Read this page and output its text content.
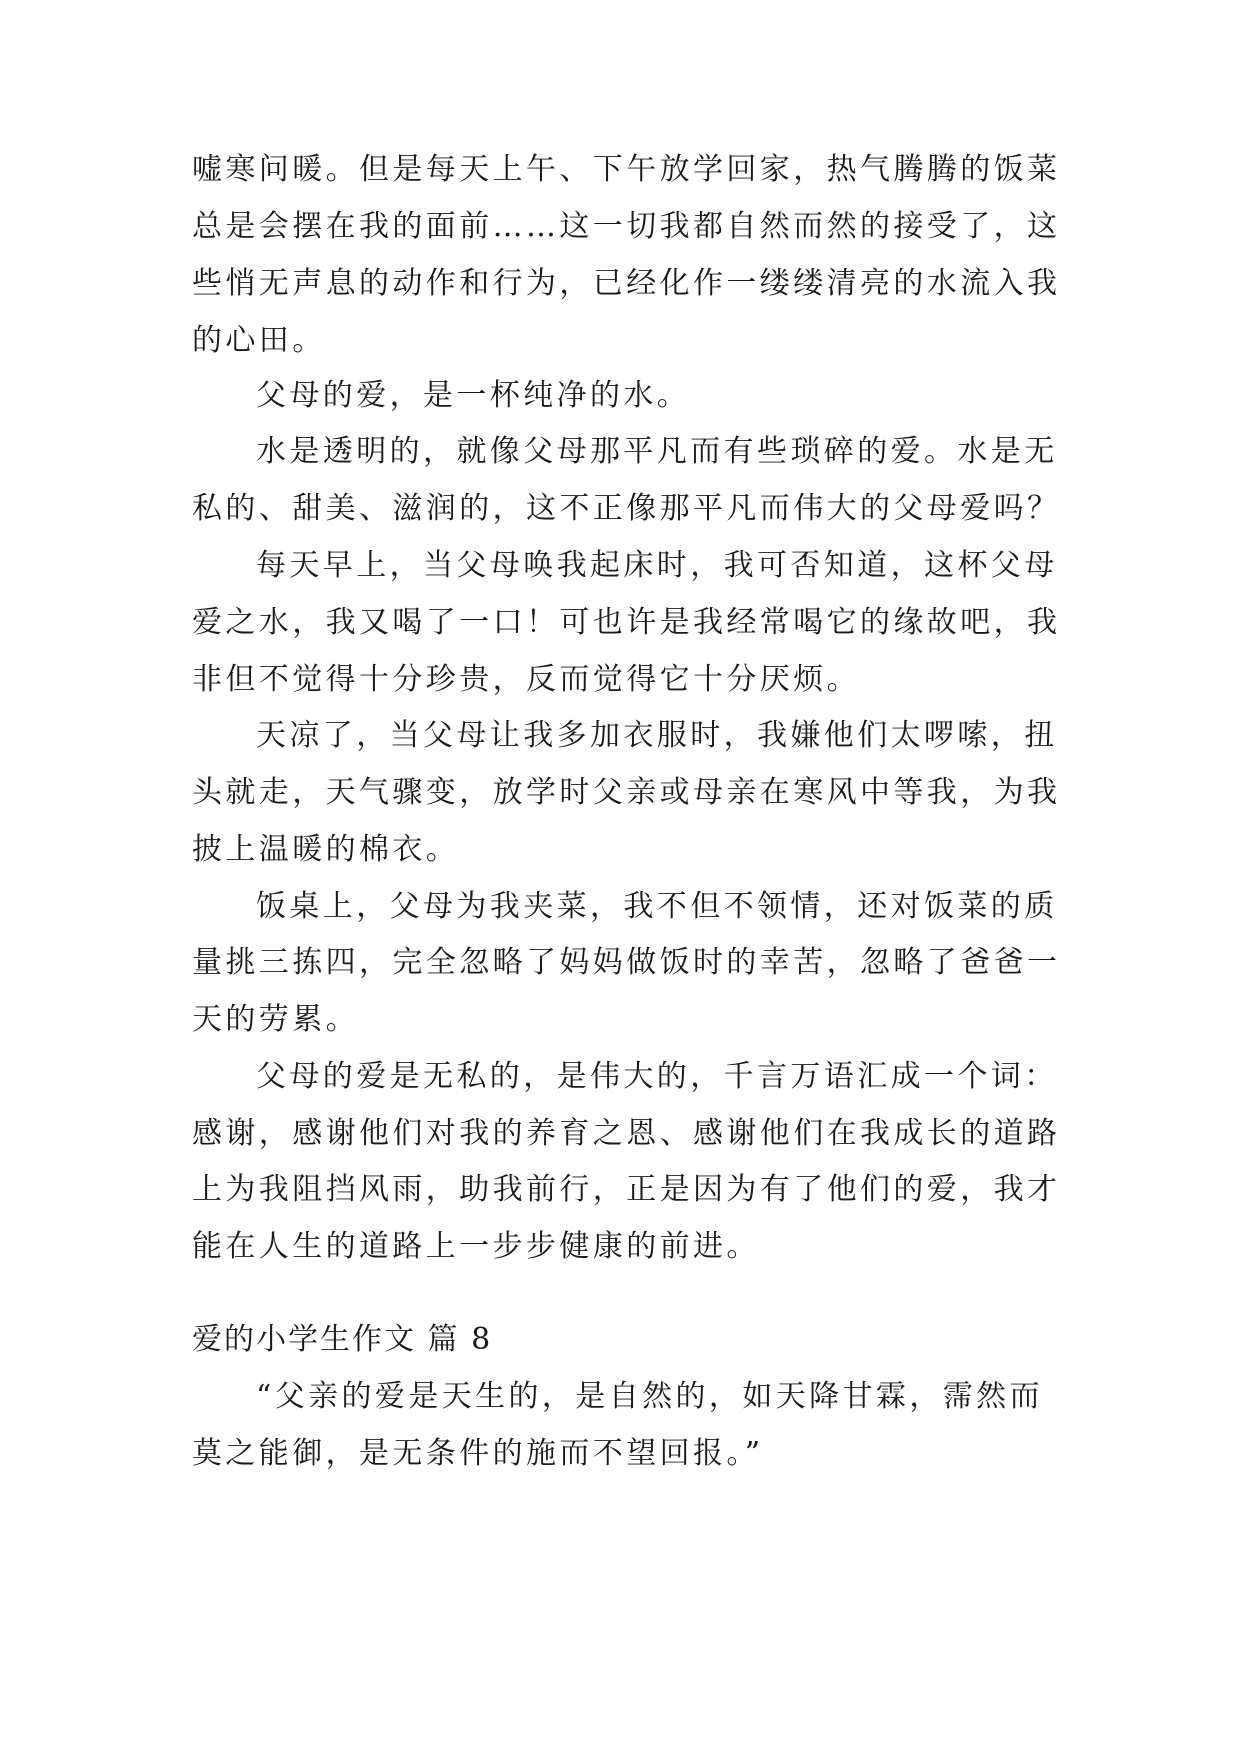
嘘寒问暖。但是每天上午、下午放学回家，热气腾腾的饭菜
总是会摆在我的面前……这一切我都自然而然的接受了，这
些悄无声息的动作和行为，已经化作一缕缕清亮的水流入我
的心田。
父母的爱，是一杯纯净的水。
水是透明的，就像父母那平凡而有些琐碎的爱。水是无
私的、甜美、滋润的，这不正像那平凡而伟大的父母爱吗？
每天早上，当父母唤我起床时，我可否知道，这杯父母
爱之水，我又喝了一口！可也许是我经常喝它的缘故吧，我
非但不觉得十分珍贵，反而觉得它十分厌烦。
天凉了，当父母让我多加衣服时，我嫌他们太啰嗦，扭
头就走，天气骤变，放学时父亲或母亲在寒风中等我，为我
披上温暖的棉衣。
饭桌上，父母为我夹菜，我不但不领情，还对饭菜的质
量挑三拣四，完全忽略了妈妈做饭时的幸苦，忽略了爸爸一
天的劳累。
父母的爱是无私的，是伟大的，千言万语汇成一个词：
感谢，感谢他们对我的养育之恩、感谢他们在我成长的道路
上为我阻挡风雨，助我前行，正是因为有了他们的爱，我才
能在人生的道路上一步步健康的前进。
爱的小学生作文 篇 8
“父亲的爱是天生的，是自然的，如天降甘霖，霈然而
莫之能御，是无条件的施而不望回报。”
